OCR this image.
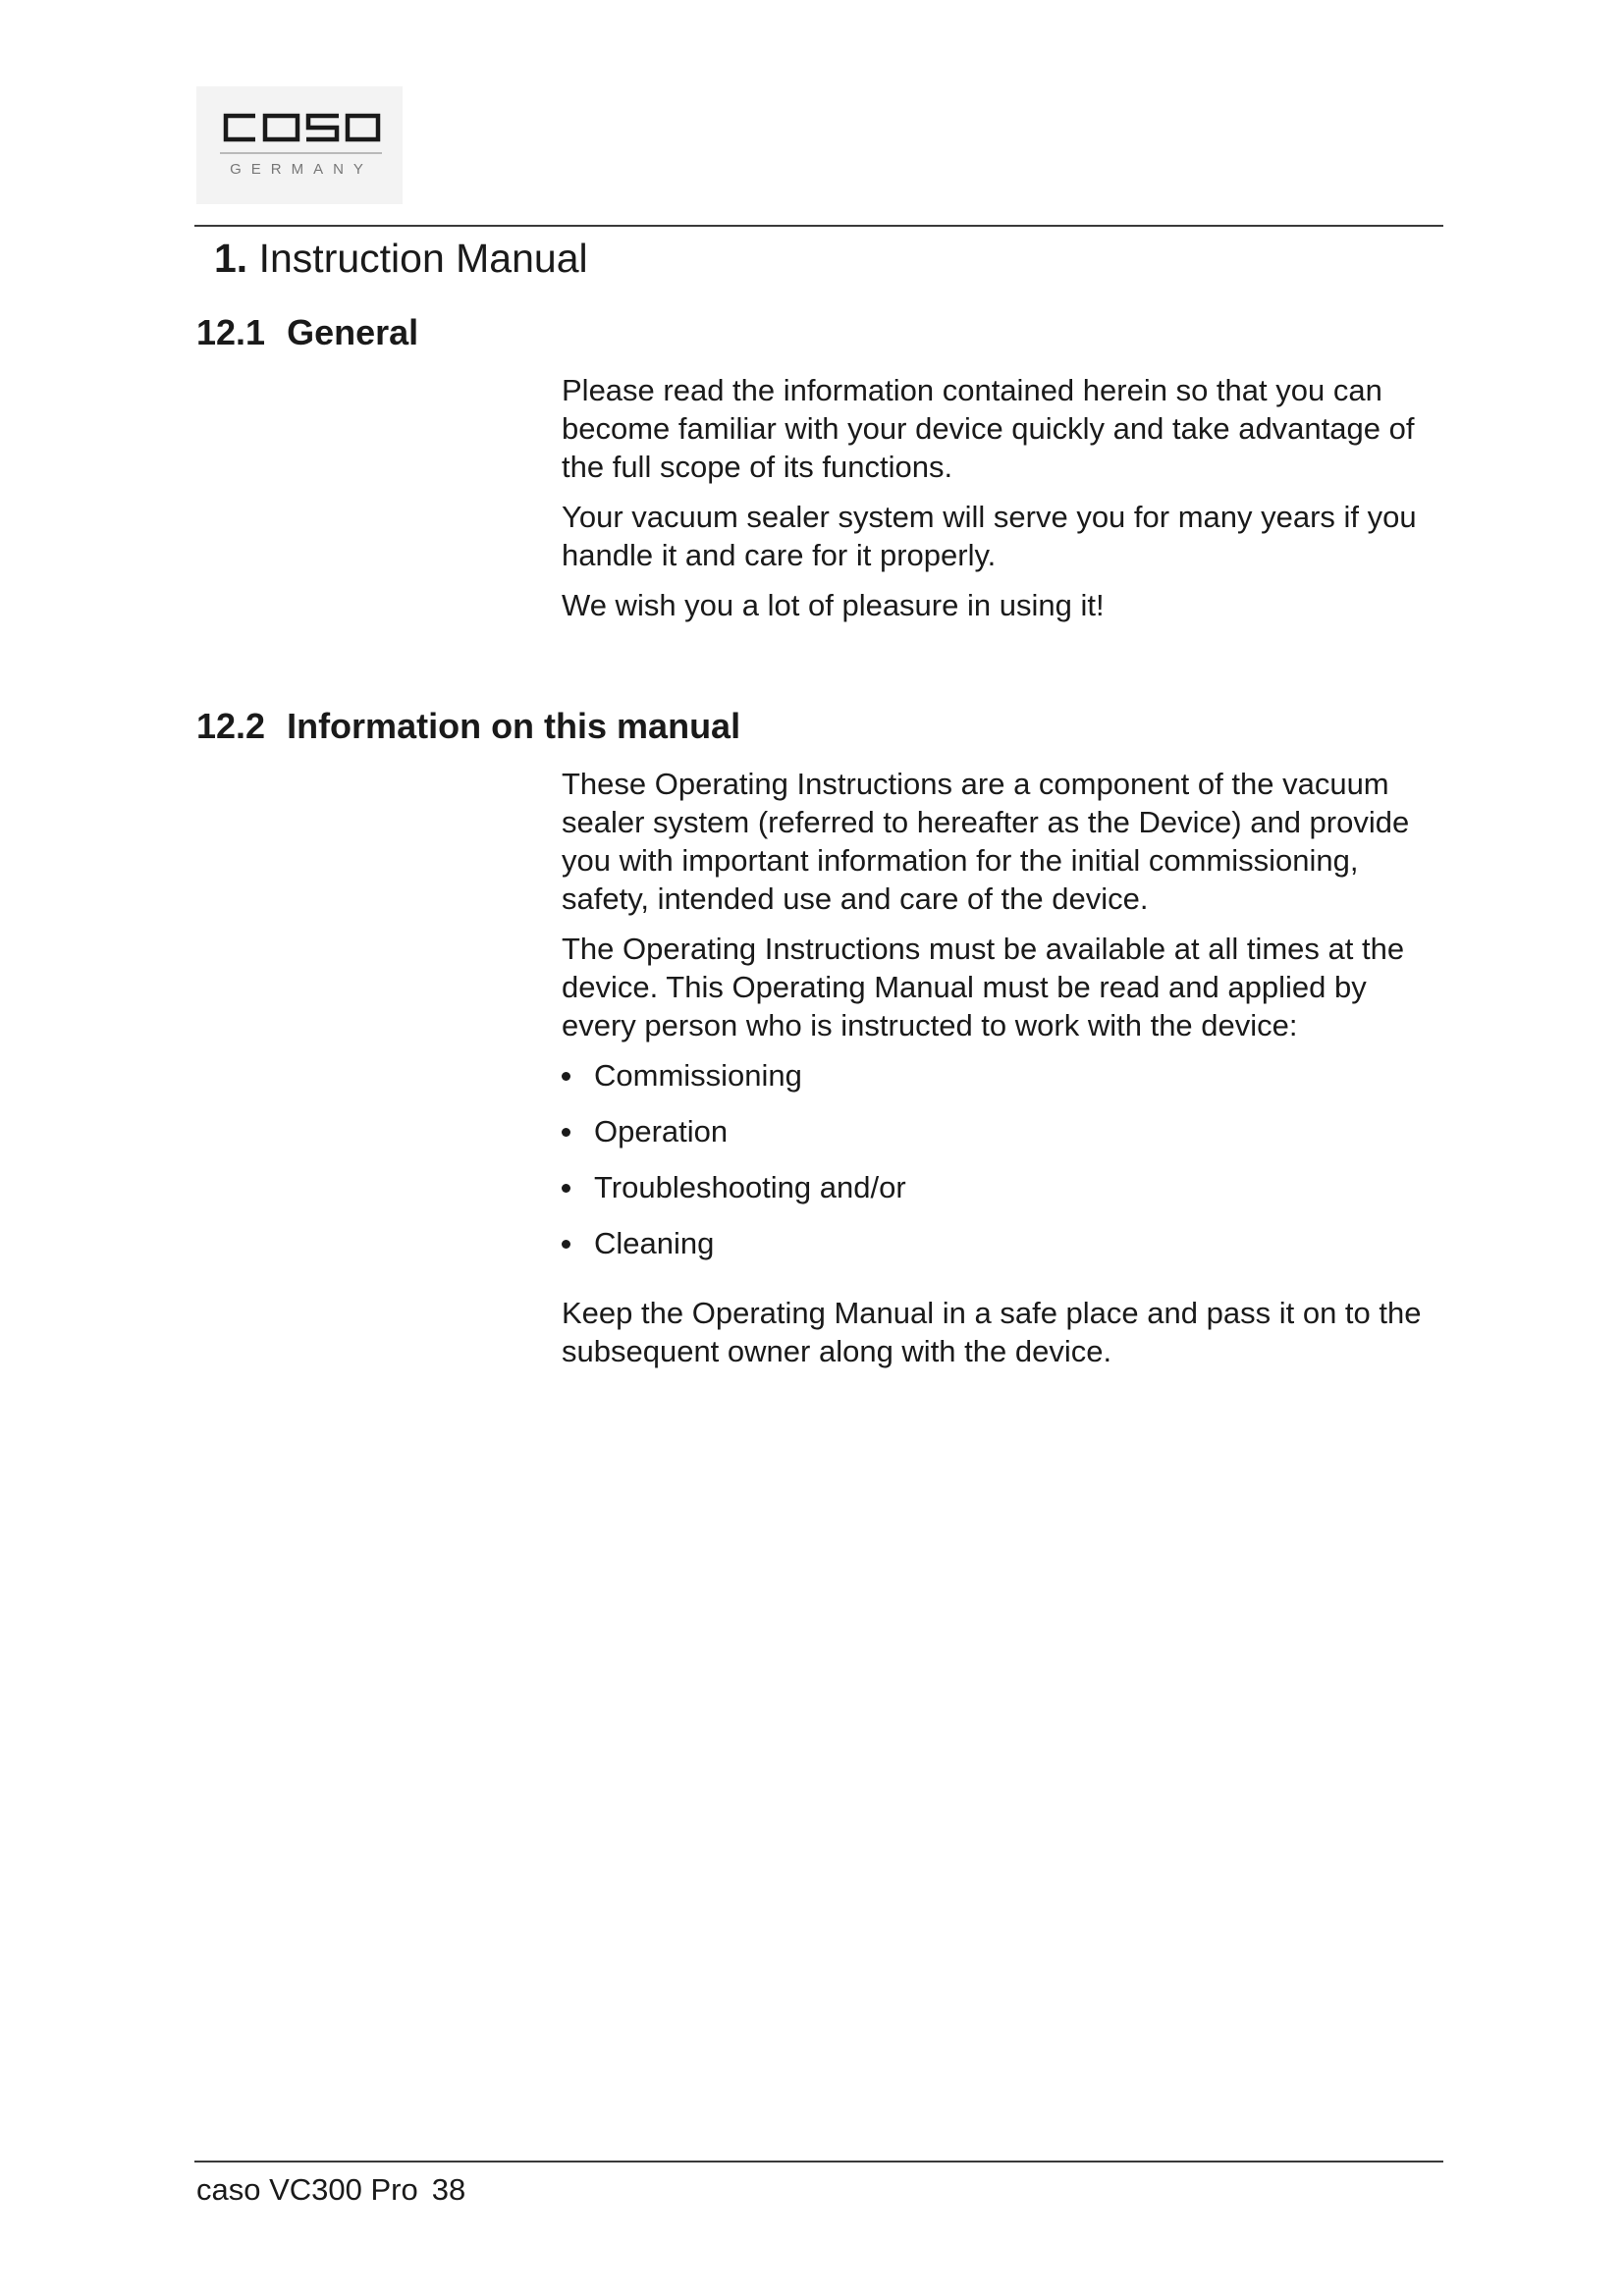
GERMANY
1. Instruction Manual
12.1 General

Please read the information contained herein so that you can become familiar with your device quickly and take advantage of the full scope of its functions.

Your vacuum sealer system will serve you for many years if you handle it and care for it properly.

We wish you a lot of pleasure in using it!

12.2 Information on this manual

These Operating Instructions are a component of the vacuum sealer system (referred to hereafter as the Device) and provide you with important information for the initial commissioning, safety, intended use and care of the device.

The Operating Instructions must be available at all times at the device. This Operating Manual must be read and applied by every person who is instructed to work with the device:

Commissioning
Operation
Troubleshooting and/or
Cleaning

Keep the Operating Manual in a safe place and pass it on to the subsequent owner along with the device.

caso VC300 Pro 38
